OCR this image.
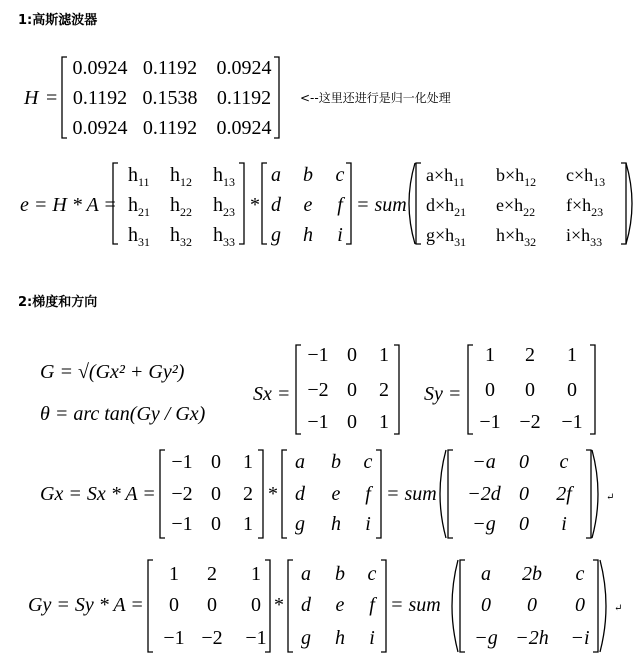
1:高斯滤波器
<--这里还进行是归一化处理
2:梯度和方向
H =
0.0924 0.1192 0.0924
0.1192 0.1538 0.1192
0.0924 0.1192 0.0924
e = H * A =
$h_{11}$ $h_{12}$ $h_{13}$
$h_{21}$ $h_{22}$ $h_{23}$
$h_{31}$ $h_{32}$ $h_{33}$
*
a b c
d e f
g h i
= sum
$a\times h_{11}$ $b\times h_{12}$ $c\times h_{13}$
$d\times h_{21}$ $e\times h_{22}$ $f\times h_{23}$
$g\times h_{31}$ $h\times h_{32}$ $i\times h_{33}$
G = √(Gx² + Gy²)
θ = arc tan(Gy / Gx)
Sx =
−1 0 1
−2 0 2
−1 0 1
Sy =
1 2 1
0 0 0
−1 −2 −1
Gx = Sx * A =
−1 0 1
−2 0 2
−1 0 1
*
a b c
d e f
g h i
= sum
−a 0 c
−2d 0 2f
−g 0 i
↵
Gy = Sy * A =
1 2 1
0 0 0
−1 −2 −1
*
a b c
d e f
g h i
= sum
a 2b c
0 0 0
−g −2h −i
↵
